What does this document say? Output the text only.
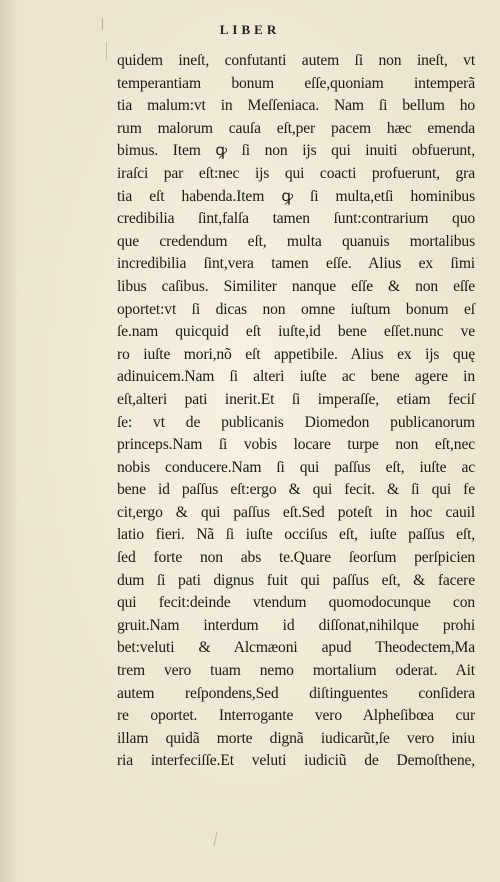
LIBER
quidem ineſt, confutanti autem ſi non ineſt, vt
temperantiam bonum eſſe,quoniam intemperã
tia malum:vt in Meſſeniaca. Nam ſi bellum ho
rum malorum cauſa eſt,per pacem hæc emenda
bimus. Item ꝙ ſi non ijs qui inuiti obfuerunt,
iraſci par eſt:nec ijs qui coacti profuerunt, gra
tia eſt habenda.Item ꝙ ſi multa,etſi hominibus
credibilia ſint,falſa tamen ſunt:contrarium quo
que credendum eſt, multa quanuis mortalibus
incredibilia ſint,vera tamen eſſe. Alius ex ſimi
libus caſibus. Similiter nanque eſſe & non eſſe
oportet:vt ſi dicas non omne iuſtum bonum eſ
ſe.nam quicquid eſt iuſte,id bene eſſet.nunc ve
ro iuſte mori,nõ eſt appetibile. Alius ex ijs quę
adinuicem.Nam ſi alteri iuſte ac bene agere in
eſt,alteri pati inerit.Et ſi imperaſſe, etiam feciſ
ſe: vt de publicanis Diomedon publicanorum
princeps.Nam ſi vobis locare turpe non eſt,nec
nobis conducere.Nam ſi qui paſſus eſt, iuſte ac
bene id paſſus eſt:ergo & qui fecit. & ſi qui fe
cit,ergo & qui paſſus eſt.Sed poteſt in hoc cauil
latio fieri. Nã ſi iuſte occiſus eſt, iuſte paſſus eſt,
ſed forte non abs te.Quare ſeorſum perſpicien
dum ſi pati dignus fuit qui paſſus eſt, & facere
qui fecit:deinde vtendum quomodocunque con
gruit.Nam interdum id diſſonat,nihilque prohi
bet:veluti & Alcmæoni apud Theodectem,Ma
trem vero tuam nemo mortalium oderat. Ait
autem reſpondens,Sed diſtinguentes conſidera
re oportet. Interrogante vero Alpheſibœa cur
illam quidã morte dignã iudicarũt,ſe vero iniu
ria interfeciſſe.Et veluti iudiciũ de Demoſthene,
